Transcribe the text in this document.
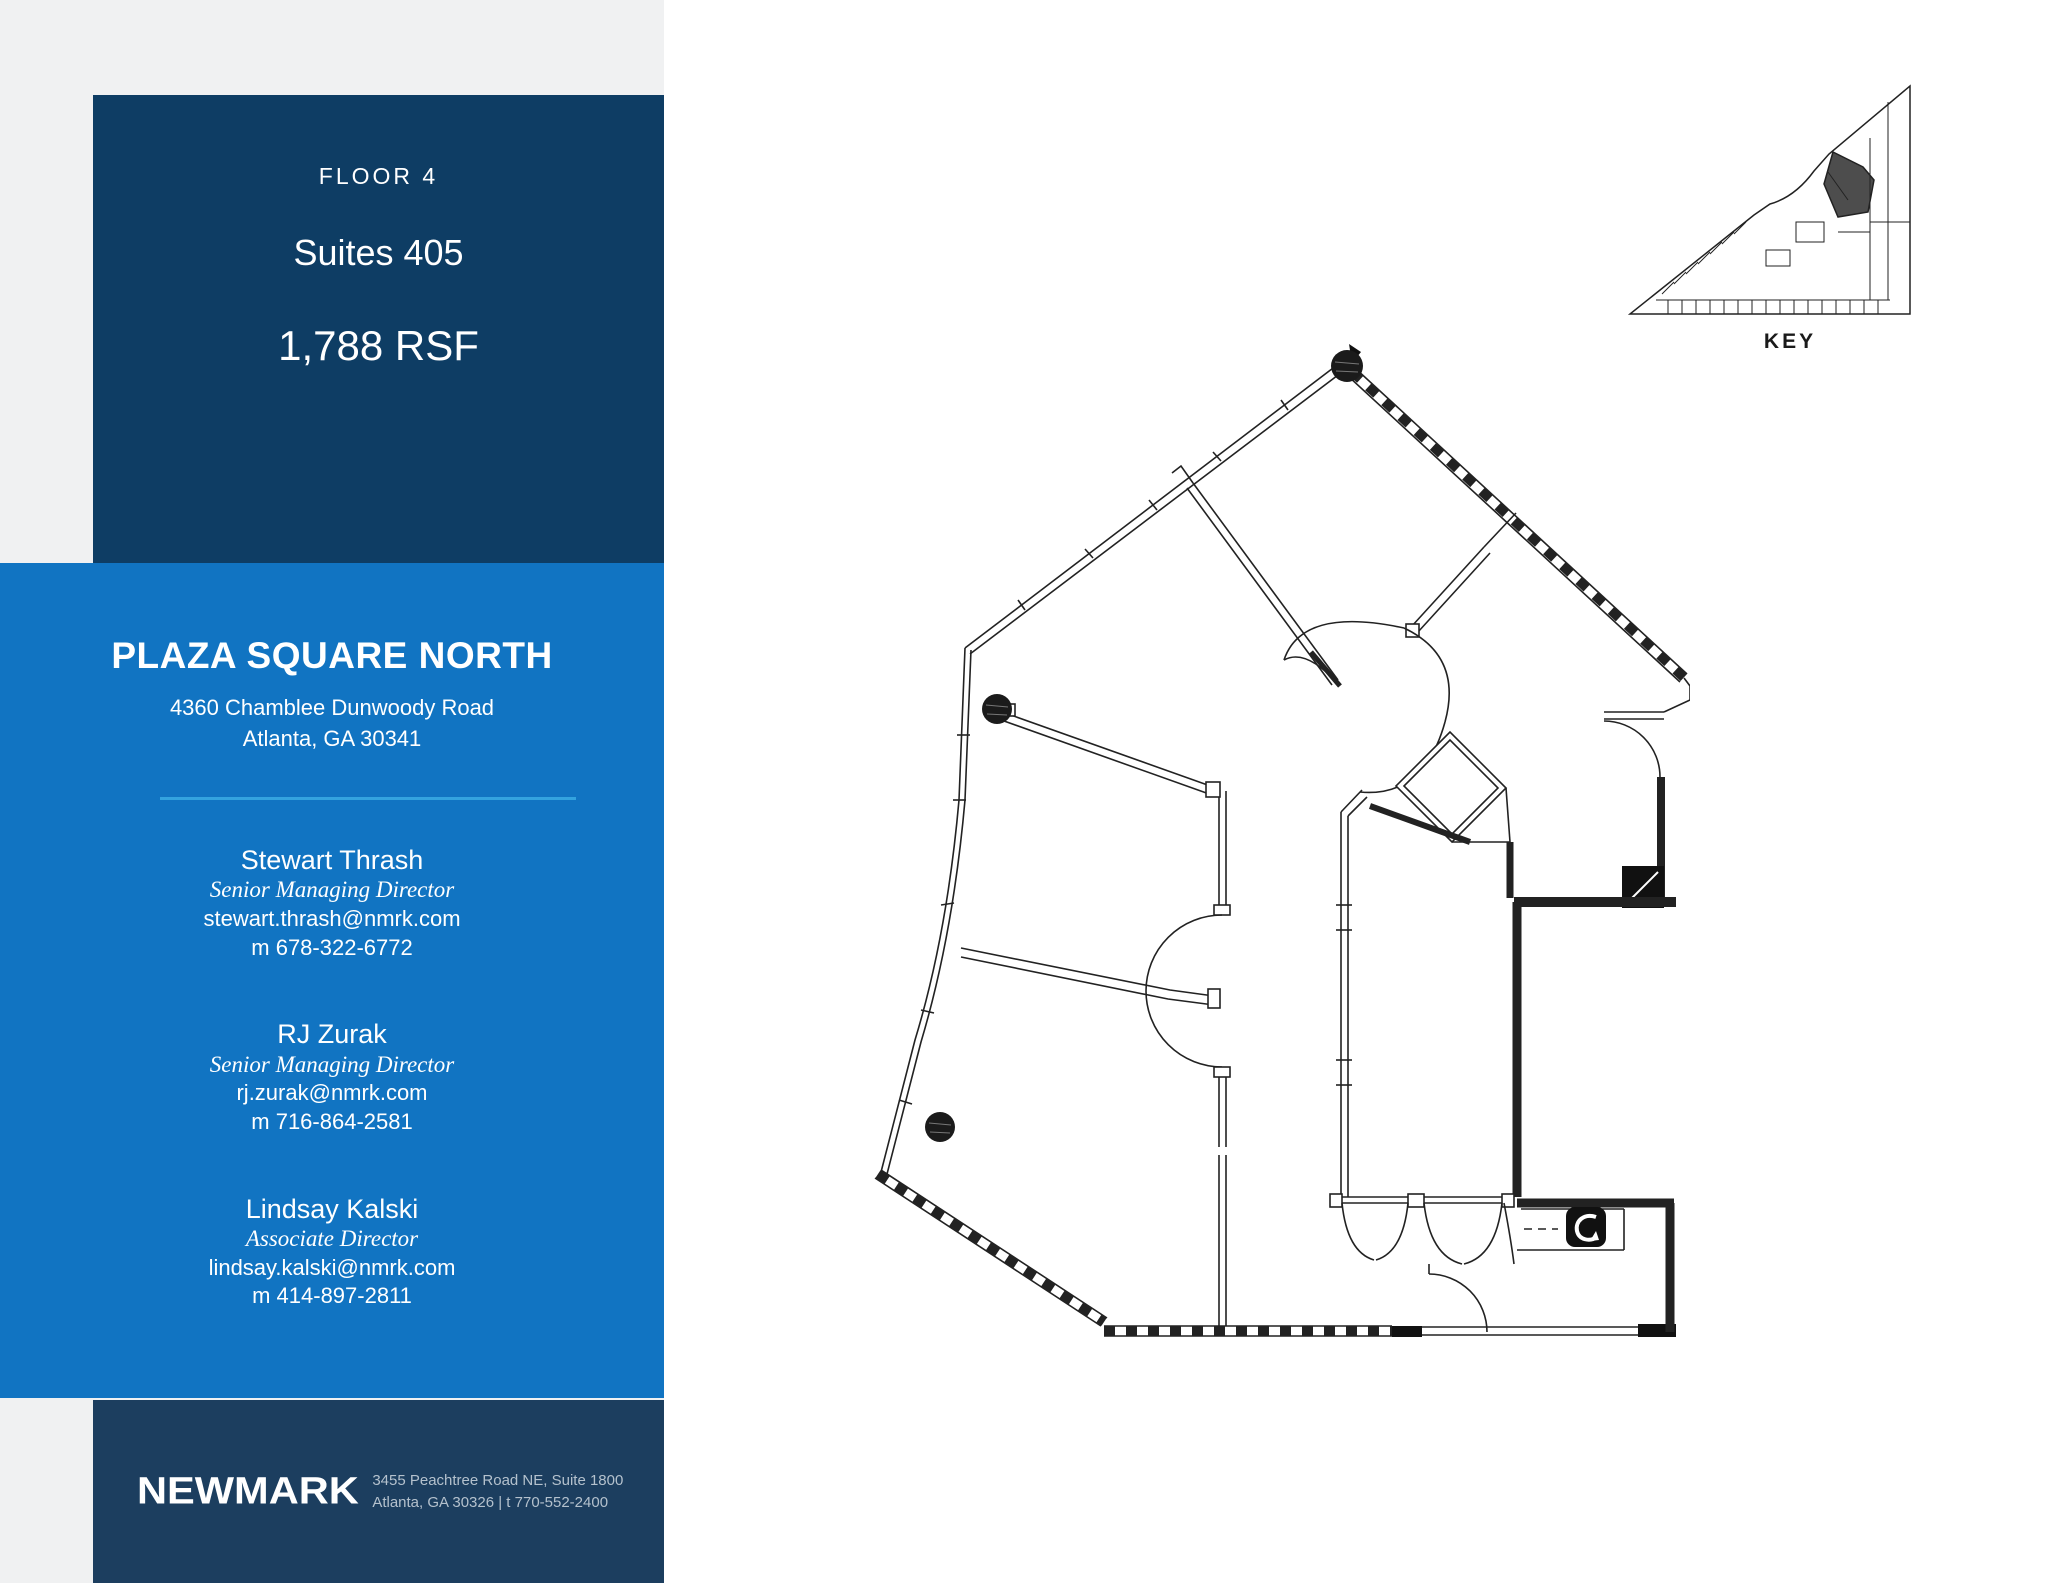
FLOOR 4
Suites 405
1,788 RSF
PLAZA SQUARE NORTH
4360 Chamblee Dunwoody Road
Atlanta, GA 30341
Stewart Thrash
Senior Managing Director
stewart.thrash@nmrk.com
m 678-322-6772
RJ Zurak
Senior Managing Director
rj.zurak@nmrk.com
m 716-864-2581
Lindsay Kalski
Associate Director
lindsay.kalski@nmrk.com
m 414-897-2811
NEWMARK 3455 Peachtree Road NE, Suite 1800
Atlanta, GA 30326 | t 770-552-2400
KEY
